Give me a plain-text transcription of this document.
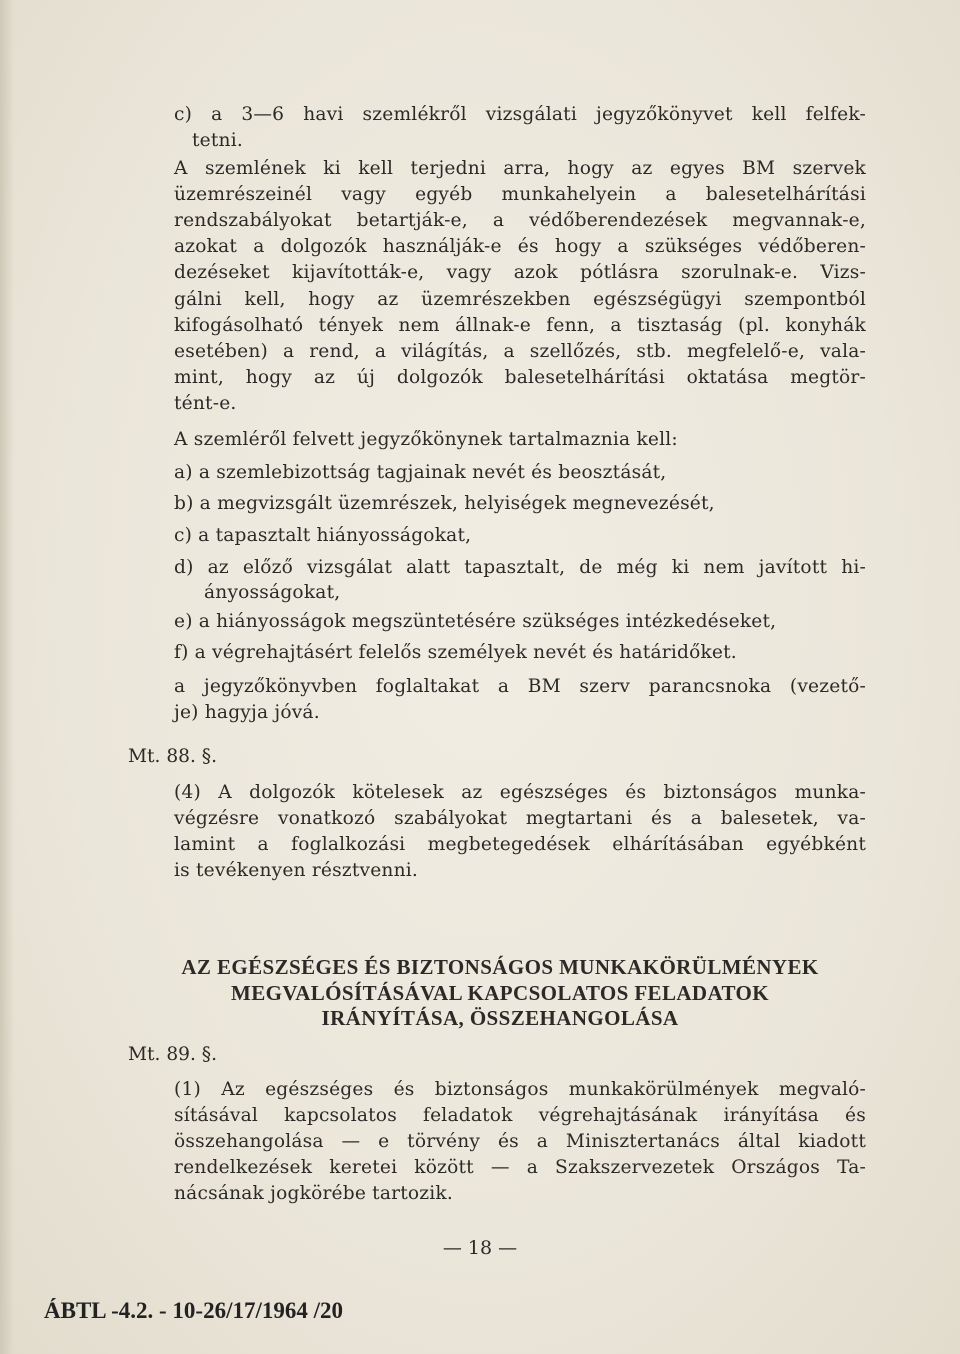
c) a 3—6 havi szemlékről vizsgálati jegyzőkönyvet kell felfek-
tetni.
A szemlének ki kell terjedni arra, hogy az egyes BM szervek
üzemrészeinél vagy egyéb munkahelyein a balesetelhárítási
rendszabályokat betartják-e, a védőberendezések megvannak-e,
azokat a dolgozók használják-e és hogy a szükséges védőberen-
dezéseket kijavították-e, vagy azok pótlásra szorulnak-e. Vizs-
gálni kell, hogy az üzemrészekben egészségügyi szempontból
kifogásolható tények nem állnak-e fenn, a tisztaság (pl. konyhák
esetében) a rend, a világítás, a szellőzés, stb. megfelelő-e, vala-
mint, hogy az új dolgozók balesetelhárítási oktatása megtör-
tént-e.
A szemléről felvett jegyzőkönynek tartalmaznia kell:
a) a szemlebizottság tagjainak nevét és beosztását,
b) a megvizsgált üzemrészek, helyiségek megnevezését,
c) a tapasztalt hiányosságokat,
d) az előző vizsgálat alatt tapasztalt, de még ki nem javított hi-
ányosságokat,
e) a hiányosságok megszüntetésére szükséges intézkedéseket,
f) a végrehajtásért felelős személyek nevét és határidőket.
a jegyzőkönyvben foglaltakat a BM szerv parancsnoka (vezető-
je) hagyja jóvá.
Mt. 88. §.
(4) A dolgozók kötelesek az egészséges és biztonságos munka-
végzésre vonatkozó szabályokat megtartani és a balesetek, va-
lamint a foglalkozási megbetegedések elhárításában egyébként
is tevékenyen résztvenni.
AZ EGÉSZSÉGES ÉS BIZTONSÁGOS MUNKAKÖRÜLMÉNYEK
MEGVALÓSÍTÁSÁVAL KAPCSOLATOS FELADATOK
IRÁNYÍTÁSA, ÖSSZEHANGOLÁSA
Mt. 89. §.
(1) Az egészséges és biztonságos munkakörülmények megvaló-
sításával kapcsolatos feladatok végrehajtásának irányítása és
összehangolása — e törvény és a Minisztertanács által kiadott
rendelkezések keretei között — a Szakszervezetek Országos Ta-
nácsának jogkörébe tartozik.
— 18 —
ÁBTL -4.2. - 10-26/17/1964 /20
